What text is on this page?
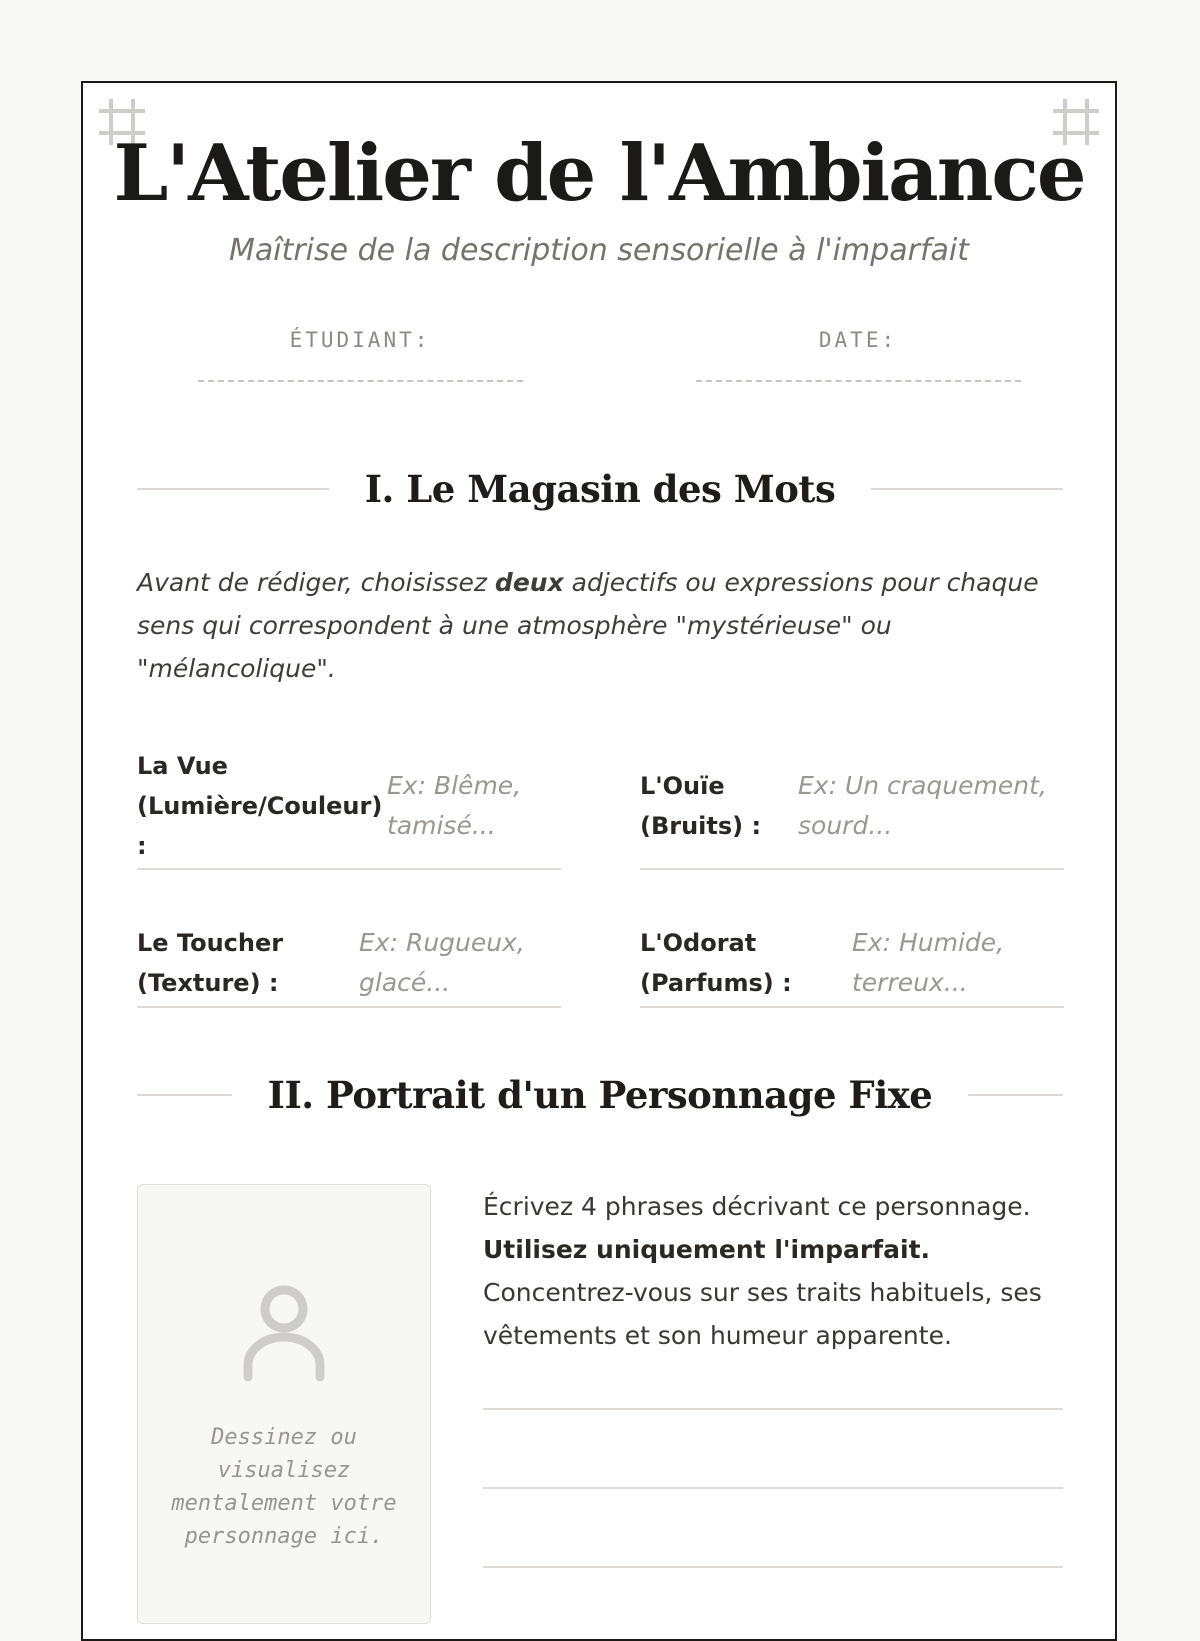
L'Atelier de l'Ambiance
Maîtrise de la description sensorielle à l'imparfait
ÉTUDIANT:	DATE:
I. Le Magasin des Mots
Avant de rédiger, choisissez deux adjectifs ou expressions pour chaque sens qui correspondent à une atmosphère "mystérieuse" ou "mélancolique".
La Vue (Lumière/Couleur) :
Ex: Blême, tamisé...
L'Ouïe (Bruits) :
Ex: Un craquement, sourd...
Le Toucher (Texture) :
Ex: Rugueux, glacé...
L'Odorat (Parfums) :
Ex: Humide, terreux...
II. Portrait d'un Personnage Fixe
Dessinez ou visualisez mentalement votre personnage ici.
Écrivez 4 phrases décrivant ce personnage. Utilisez uniquement l'imparfait. Concentrez-vous sur ses traits habituels, ses vêtements et son humeur apparente.
